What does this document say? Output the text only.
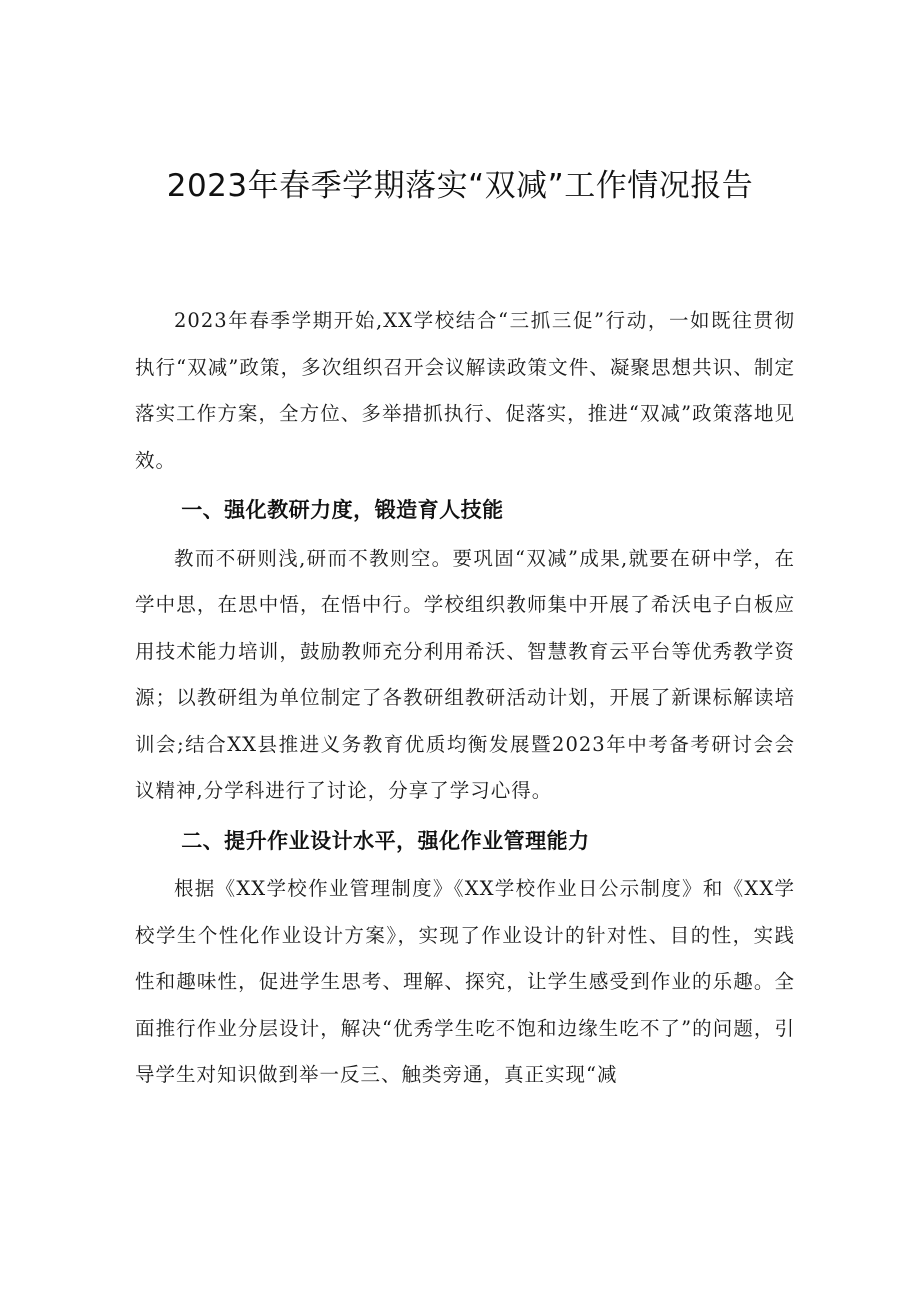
2023年春季学期落实“双减”工作情况报告

2023年春季学期开始,XX学校结合“三抓三促”行动，一如既往贯彻执行“双减”政策，多次组织召开会议解读政策文件、凝聚思想共识、制定落实工作方案，全方位、多举措抓执行、促落实，推进“双减”政策落地见效。

一、强化教研力度，锻造育人技能

教而不研则浅,研而不教则空。要巩固“双减”成果,就要在研中学，在学中思，在思中悟，在悟中行。学校组织教师集中开展了希沃电子白板应用技术能力培训，鼓励教师充分利用希沃、智慧教育云平台等优秀教学资源；以教研组为单位制定了各教研组教研活动计划，开展了新课标解读培训会;结合XX县推进义务教育优质均衡发展暨2023年中考备考研讨会会议精神,分学科进行了讨论，分享了学习心得。

二、提升作业设计水平，强化作业管理能力

根据《XX学校作业管理制度》《XX学校作业日公示制度》和《XX学校学生个性化作业设计方案》，实现了作业设计的针对性、目的性，实践性和趣味性，促进学生思考、理解、探究，让学生感受到作业的乐趣。全面推行作业分层设计，解决“优秀学生吃不饱和边缘生吃不了”的问题，引导学生对知识做到举一反三、触类旁通，真正实现“减
